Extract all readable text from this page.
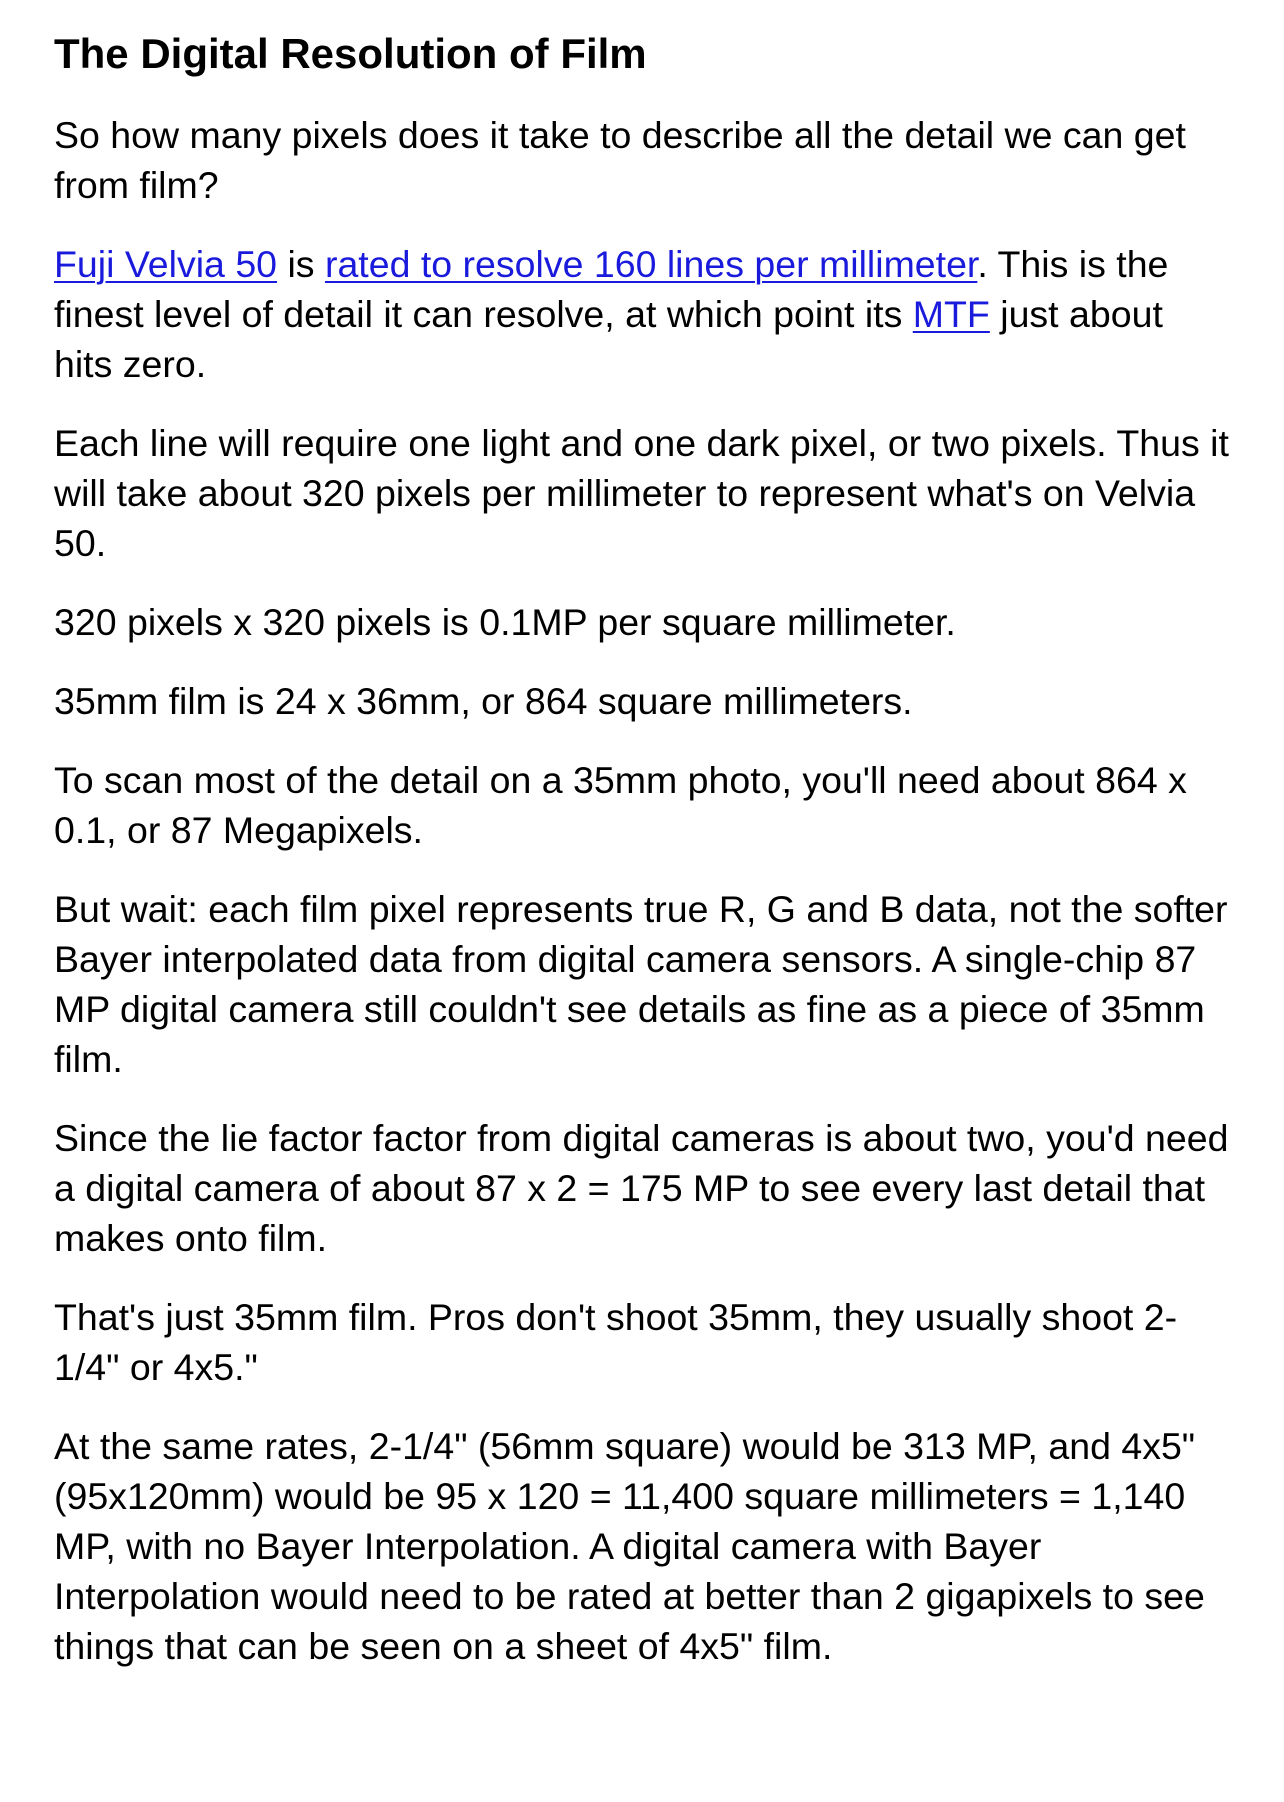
The Digital Resolution of Film

So how many pixels does it take to describe all the detail we can get from film?

Fuji Velvia 50 is rated to resolve 160 lines per millimeter. This is the finest level of detail it can resolve, at which point its MTF just about hits zero.

Each line will require one light and one dark pixel, or two pixels. Thus it will take about 320 pixels per millimeter to represent what's on Velvia 50.

320 pixels x 320 pixels is 0.1MP per square millimeter.

35mm film is 24 x 36mm, or 864 square millimeters.

To scan most of the detail on a 35mm photo, you'll need about 864 x 0.1, or 87 Megapixels.

But wait: each film pixel represents true R, G and B data, not the softer Bayer interpolated data from digital camera sensors. A single-chip 87 MP digital camera still couldn't see details as fine as a piece of 35mm film.

Since the lie factor factor from digital cameras is about two, you'd need a digital camera of about 87 x 2 = 175 MP to see every last detail that makes onto film.

That's just 35mm film. Pros don't shoot 35mm, they usually shoot 2-1/4" or 4x5."

At the same rates, 2-1/4" (56mm square) would be 313 MP, and 4x5" (95x120mm) would be 95 x 120 = 11,400 square millimeters = 1,140 MP, with no Bayer Interpolation. A digital camera with Bayer Interpolation would need to be rated at better than 2 gigapixels to see things that can be seen on a sheet of 4x5" film.
